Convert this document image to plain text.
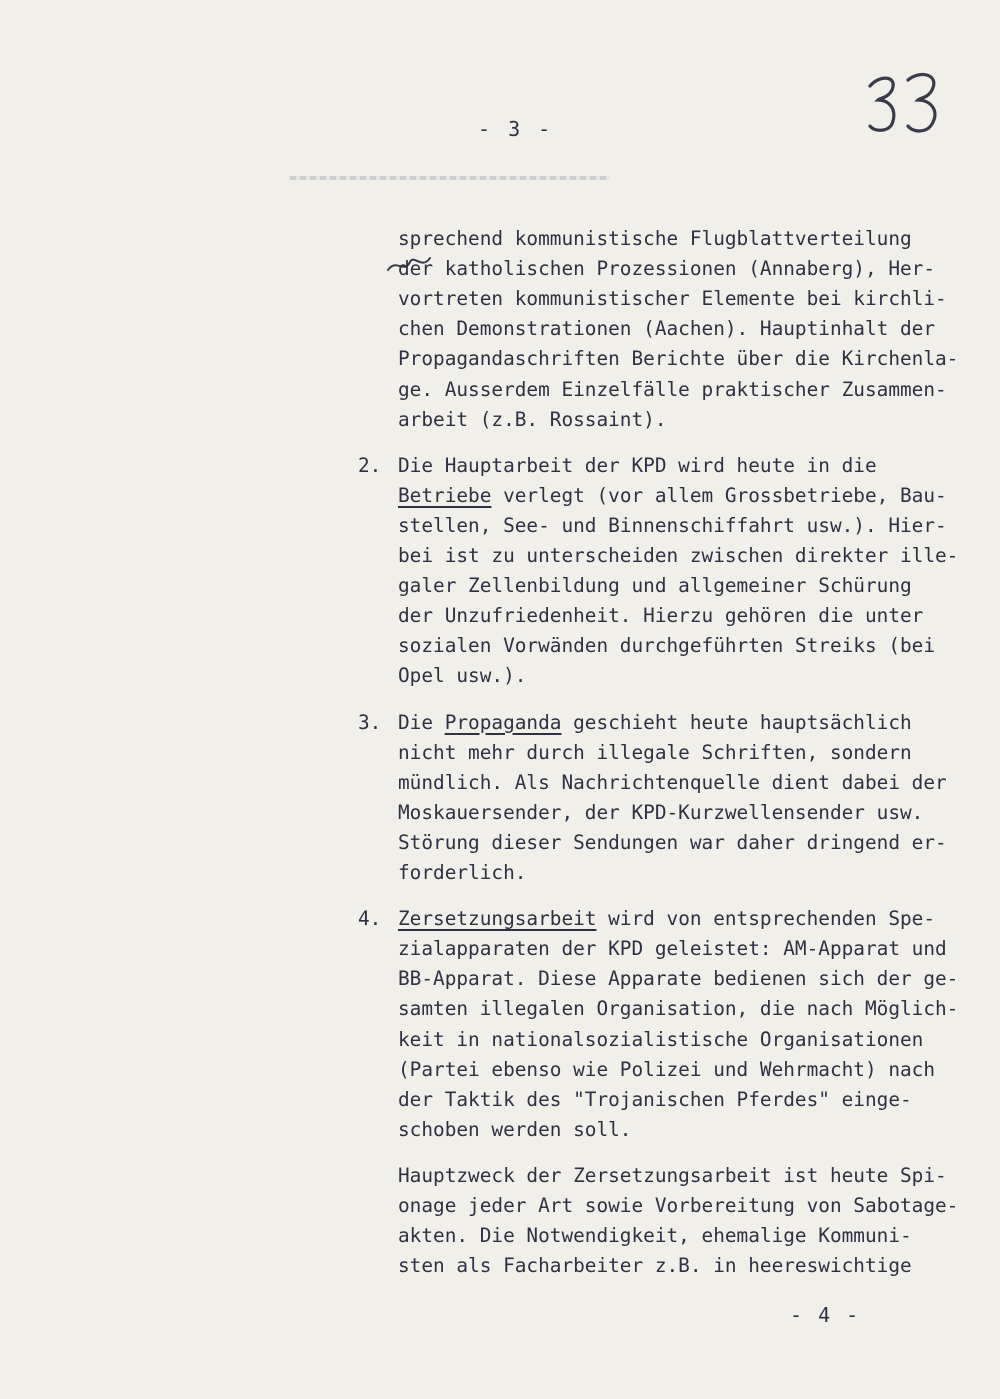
- 3 -
sprechend kommunistische Flugblattverteilung
der katholischen Prozessionen (Annaberg), Her-
vortreten kommunistischer Elemente bei kirchli-
chen Demonstrationen (Aachen). Hauptinhalt der
Propagandaschriften Berichte über die Kirchenla-
ge. Ausserdem Einzelfälle praktischer Zusammen-
arbeit (z.B. Rossaint).
2. Die Hauptarbeit der KPD wird heute in die
Betriebe verlegt (vor allem Grossbetriebe, Bau-
stellen, See- und Binnenschiffahrt usw.). Hier-
bei ist zu unterscheiden zwischen direkter ille-
galer Zellenbildung und allgemeiner Schürung
der Unzufriedenheit. Hierzu gehören die unter
sozialen Vorwänden durchgeführten Streiks (bei
Opel usw.).
3. Die Propaganda geschieht heute hauptsächlich
nicht mehr durch illegale Schriften, sondern
mündlich. Als Nachrichtenquelle dient dabei der
Moskauersender, der KPD-Kurzwellensender usw.
Störung dieser Sendungen war daher dringend er-
forderlich.
4. Zersetzungsarbeit wird von entsprechenden Spe-
zialapparaten der KPD geleistet: AM-Apparat und
BB-Apparat. Diese Apparate bedienen sich der ge-
samten illegalen Organisation, die nach Möglich-
keit in nationalsozialistische Organisationen
(Partei ebenso wie Polizei und Wehrmacht) nach
der Taktik des "Trojanischen Pferdes" einge-
schoben werden soll.
Hauptzweck der Zersetzungsarbeit ist heute Spi-
onage jeder Art sowie Vorbereitung von Sabotage-
akten. Die Notwendigkeit, ehemalige Kommuni-
sten als Facharbeiter z.B. in heereswichtige
- 4 -
